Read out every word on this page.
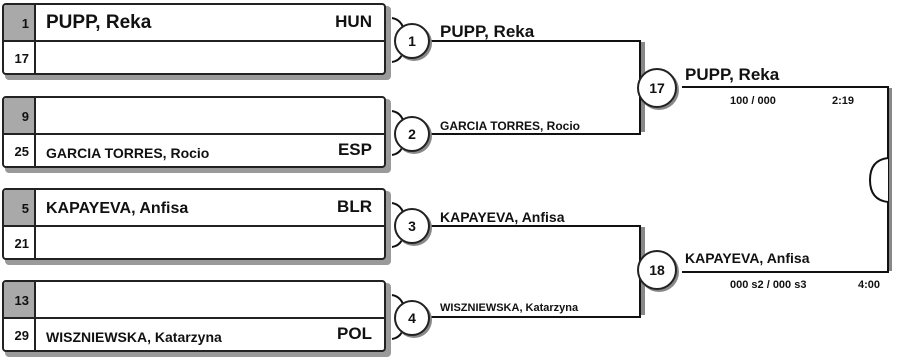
1 PUPP, Reka	HUN
17
9
25	GARCIA TORRES, Rocio	ESP
5	KAPAYEVA, Anfisa	BLR
21
13
29	WISZNIEWSKA, Katarzyna	POL
1
2
3
4
PUPP, Reka
GARCIA TORRES, Rocio
KAPAYEVA, Anfisa
WISZNIEWSKA, Katarzyna
17
18
PUPP, Reka
100 / 000	2:19
KAPAYEVA, Anfisa
000 s2 / 000 s3	4:00
